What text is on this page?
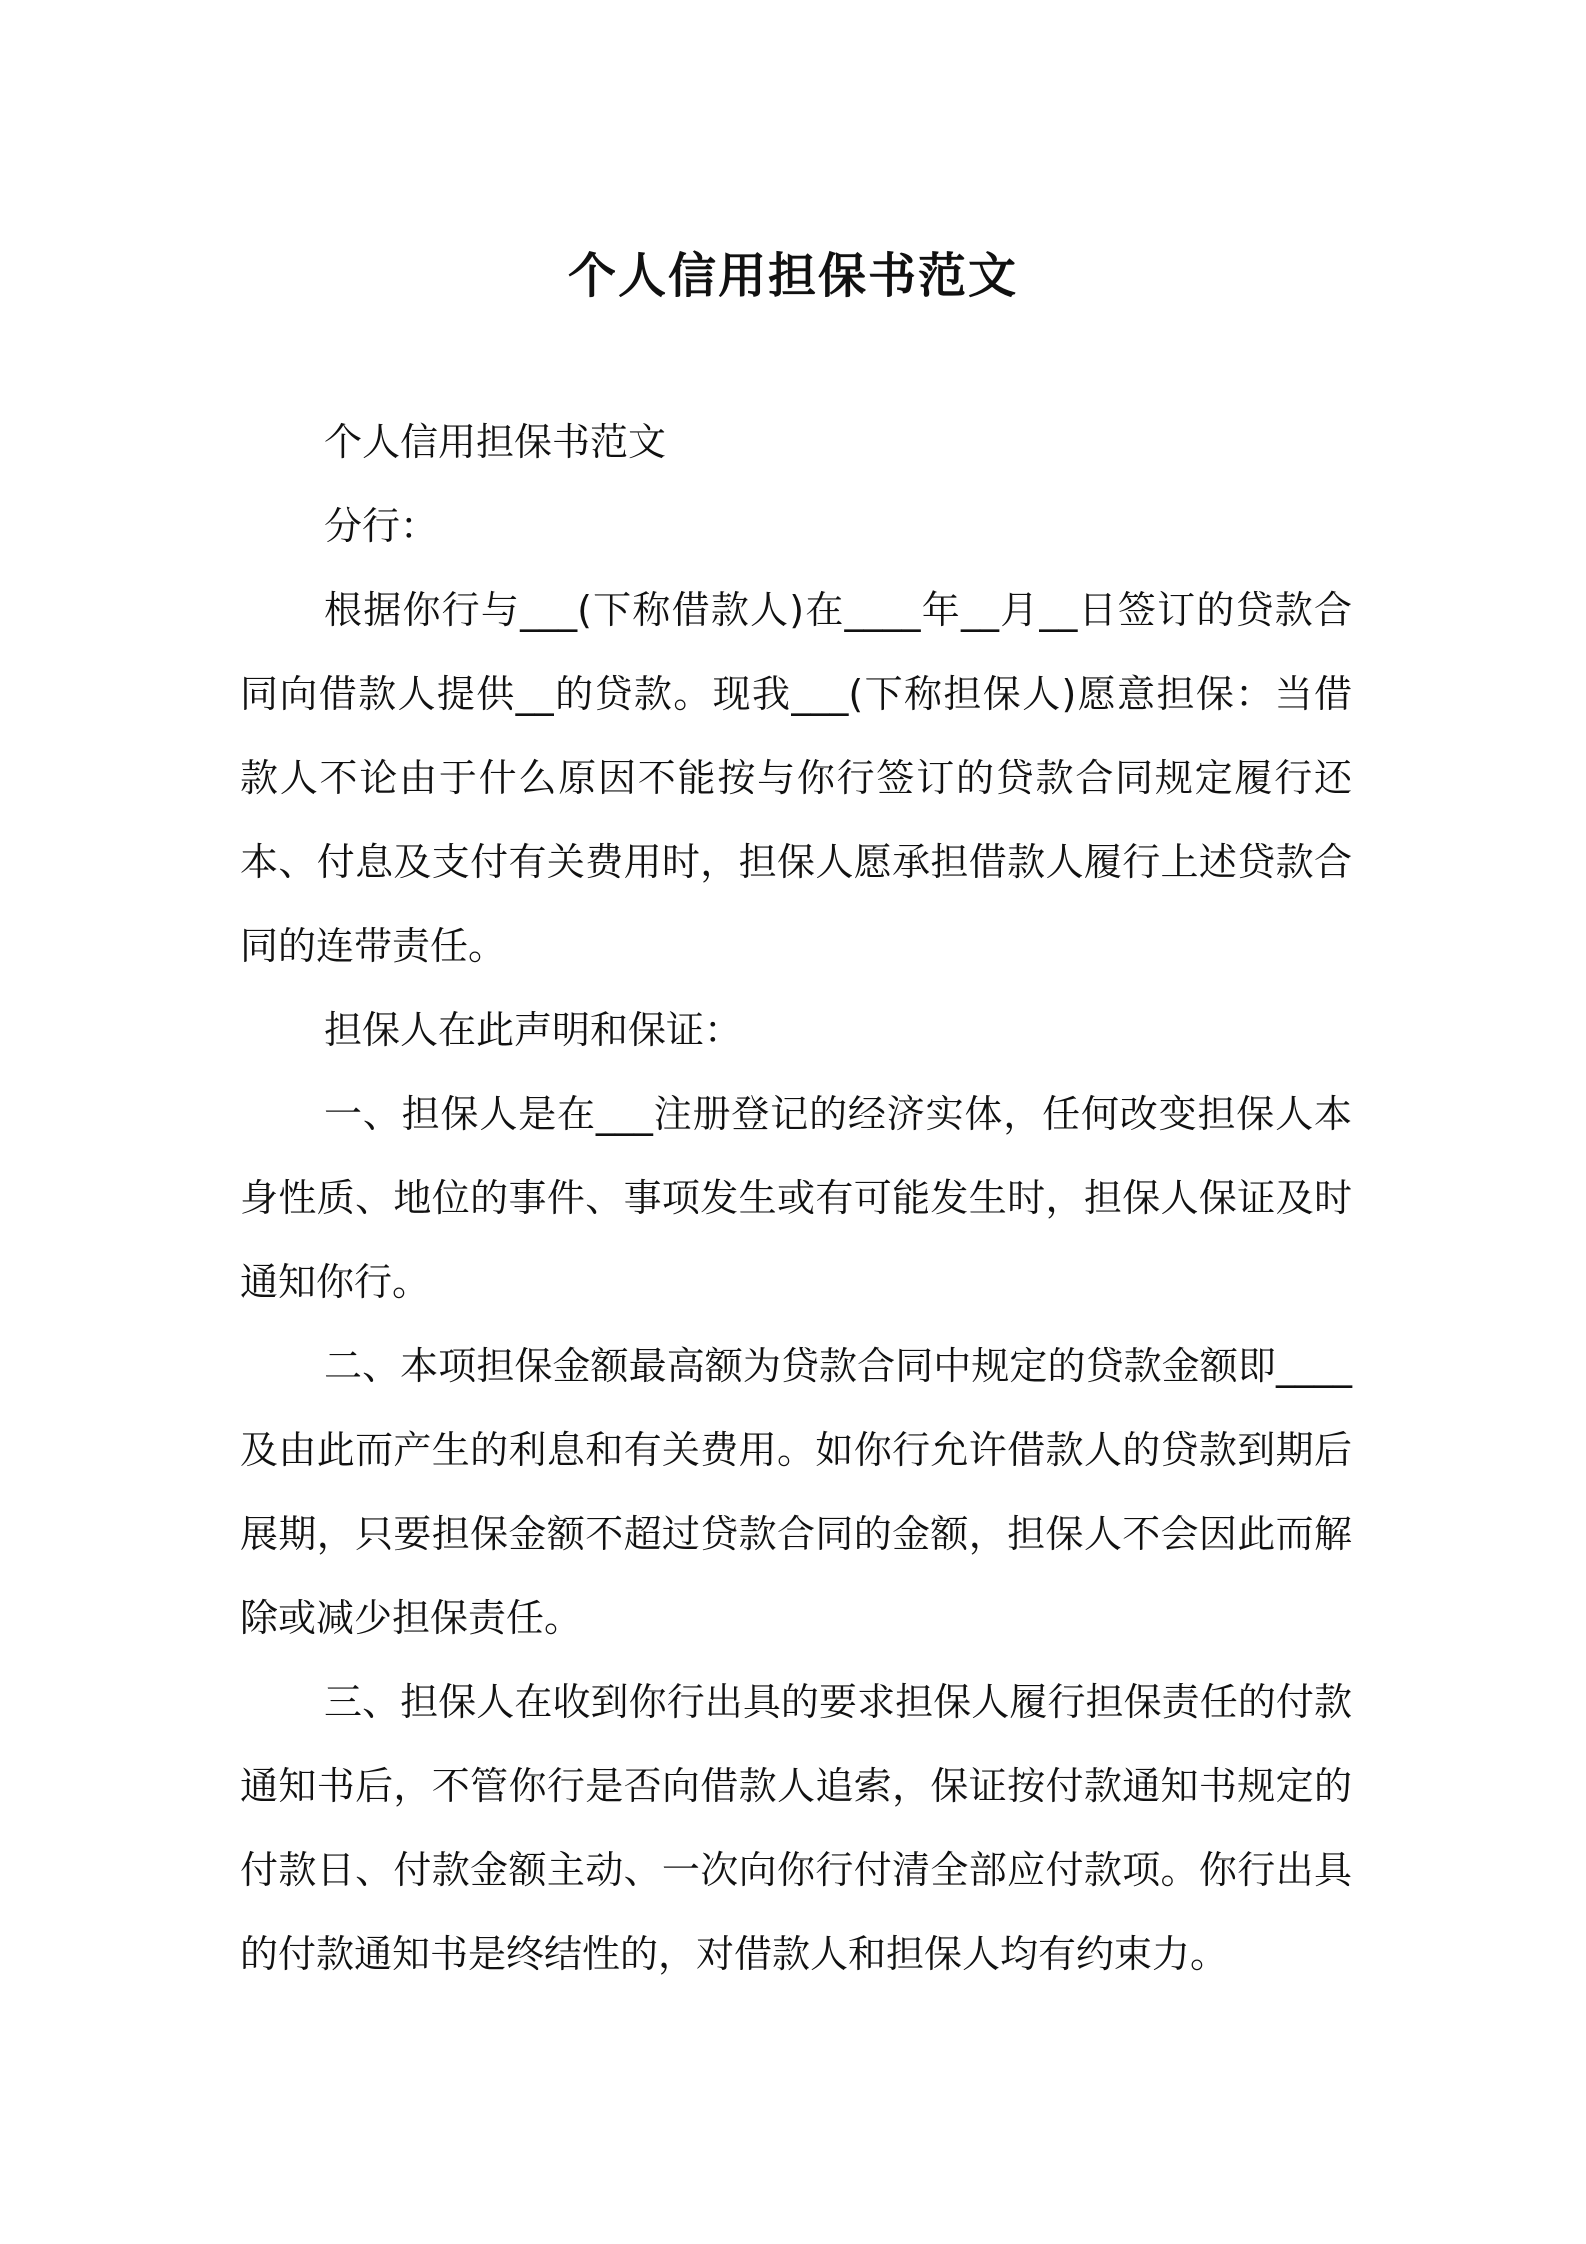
个人信用担保书范文

个人信用担保书范文

分行：

根据你行与___(下称借款人)在____年__月__日签订的贷款合同向借款人提供__的贷款。现我___(下称担保人)愿意担保：当借款人不论由于什么原因不能按与你行签订的贷款合同规定履行还本、付息及支付有关费用时，担保人愿承担借款人履行上述贷款合同的连带责任。

担保人在此声明和保证：

一、担保人是在___注册登记的经济实体，任何改变担保人本身性质、地位的事件、事项发生或有可能发生时，担保人保证及时通知你行。

二、本项担保金额最高额为贷款合同中规定的贷款金额即____及由此而产生的利息和有关费用。如你行允许借款人的贷款到期后展期，只要担保金额不超过贷款合同的金额，担保人不会因此而解除或减少担保责任。

三、担保人在收到你行出具的要求担保人履行担保责任的付款通知书后，不管你行是否向借款人追索，保证按付款通知书规定的付款日、付款金额主动、一次向你行付清全部应付款项。你行出具的付款通知书是终结性的，对借款人和担保人均有约束力。
